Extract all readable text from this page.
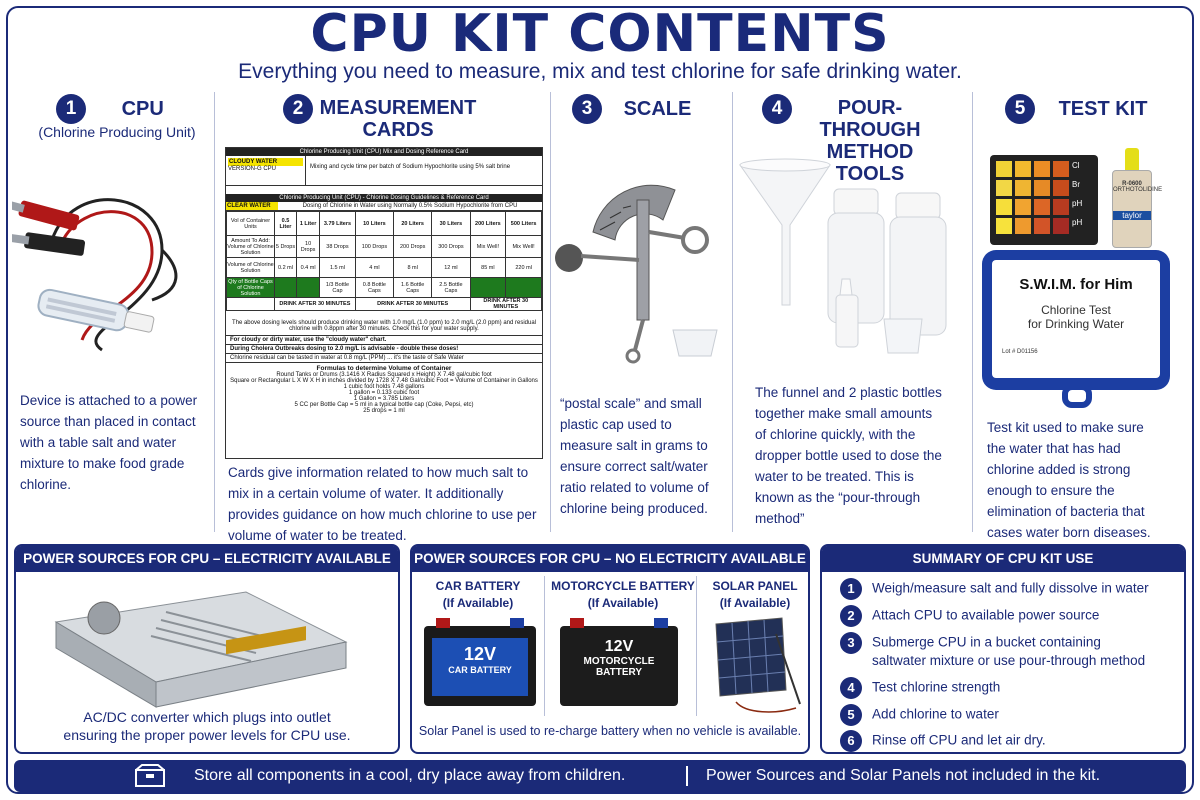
CPU KIT CONTENTS
Everything you need to measure, mix and test chlorine for safe drinking water.
1 CPU
(Chlorine Producing Unit)
Device is attached to a power source than placed in contact with a table salt and water mixture to make food grade chlorine.
2 MEASUREMENT
CARDS
Chlorine Producing Unit (CPU) Mix and Dosing Reference Card
CLOUDY WATER
VERSION-G CPU	Mixing and cycle time per batch of Sodium Hypochlorite using 5% salt brine
Chlorine Producing Unit (CPU) - Chlorine Dosing Guidelines & Reference Card
CLEAR WATER	Dosing of Chlorine in Water using Normally 0.5% Sodium Hypochlorite from CPU
Vol of Container Units	0.5 Liter	1 Liter	3.79 Liters	10 Liters	20 Liters	30 Liters	200 Liters	500 Liters
Amount To Add: Volume of Chlorine Solution	5 Drops	10 Drops	38 Drops	100 Drops	200 Drops	300 Drops	Mix Well!	Mix Well!
Volume of Chlorine Solution	0.2 ml	0.4 ml	1.5 ml	4 ml	8 ml	12 ml	85 ml	220 ml
Qty of Bottle Caps of Chlorine Solution			1/3 Bottle Cap	0.8 Bottle Caps	1.6 Bottle Caps	2.5 Bottle Caps		
	DRINK AFTER 30 MINUTES			DRINK AFTER 30 MINUTES			DRINK AFTER 30 MINUTES	
The above dosing levels should produce drinking water with 1.0 mg/L (1.0 ppm) to 2.0 mg/L (2.0 ppm) and residual chlorine with 0.8ppm after 30 minutes. Check this for your water supply.
For cloudy or dirty water, use the "cloudy water" chart.
During Cholera Outbreaks dosing to 2.0 mg/L is advisable - double these doses!
Chlorine residual can be tasted in water at 0.8 mg/L (PPM) ... it's the taste of Safe Water
Formulas to determine Volume of Container
Round Tanks or Drums (3.1416 X Radius Squared x Height) X 7.48 gal/cubic foot
Square or Rectangular L X W X H in inches divided by 1728 X 7.48 Gal/cubic Foot = Volume of Container in Gallons
1 cubic foot holds 7.48 gallons
1 gallon = 0.133 cubic foot
1 Gallon = 3.785 Liters
5 CC per Bottle Cap = 5 ml in a typical bottle cap (Coke, Pepsi, etc)
25 drops = 1 ml
Cards give information related to how much salt to mix in a certain volume of water. It additionally provides guidance on how much chlorine to use per volume of water to be treated.
3 SCALE
“postal scale” and small plastic cap used to measure salt in grams to ensure correct salt/water ratio related to volume of chlorine being produced.
4	POUR-THROUGH
METHOD TOOLS
The funnel and 2 plastic bottles together make small amounts of chlorine quickly, with the dropper bottle used to dose the water to be treated. This is known as the “pour-through method”
5 TEST KIT
Cl
Br
pH
pH
R-0600
ORTHOTOLIDINE
taylor
S.W.I.M. for Him
Chlorine Test
for Drinking Water
Lot # D01156
Test kit used to make sure the water that has had chlorine added is strong enough to ensure the elimination of bacteria that cases water born diseases.
POWER SOURCES FOR CPU – ELECTRICITY AVAILABLE
AC/DC converter which plugs into outlet
ensuring the proper power levels for CPU use.
POWER SOURCES FOR CPU – NO ELECTRICITY AVAILABLE
CAR BATTERY
(If Available)
MOTORCYCLE BATTERY
(If Available)
SOLAR PANEL
(If Available)
12V
CAR BATTERY
12V
MOTORCYCLE
BATTERY
Solar Panel is used to re-charge battery when no vehicle is available.
SUMMARY OF CPU KIT USE
1 Weigh/measure salt and fully dissolve in water
2 Attach CPU to available power source
3 Submerge CPU in a bucket containing
saltwater mixture or use pour-through method
4 Test chlorine strength
5 Add chlorine to water
6 Rinse off CPU and let air dry.
Store all components in a cool, dry place away from children.	Power Sources and Solar Panels not included in the kit.
